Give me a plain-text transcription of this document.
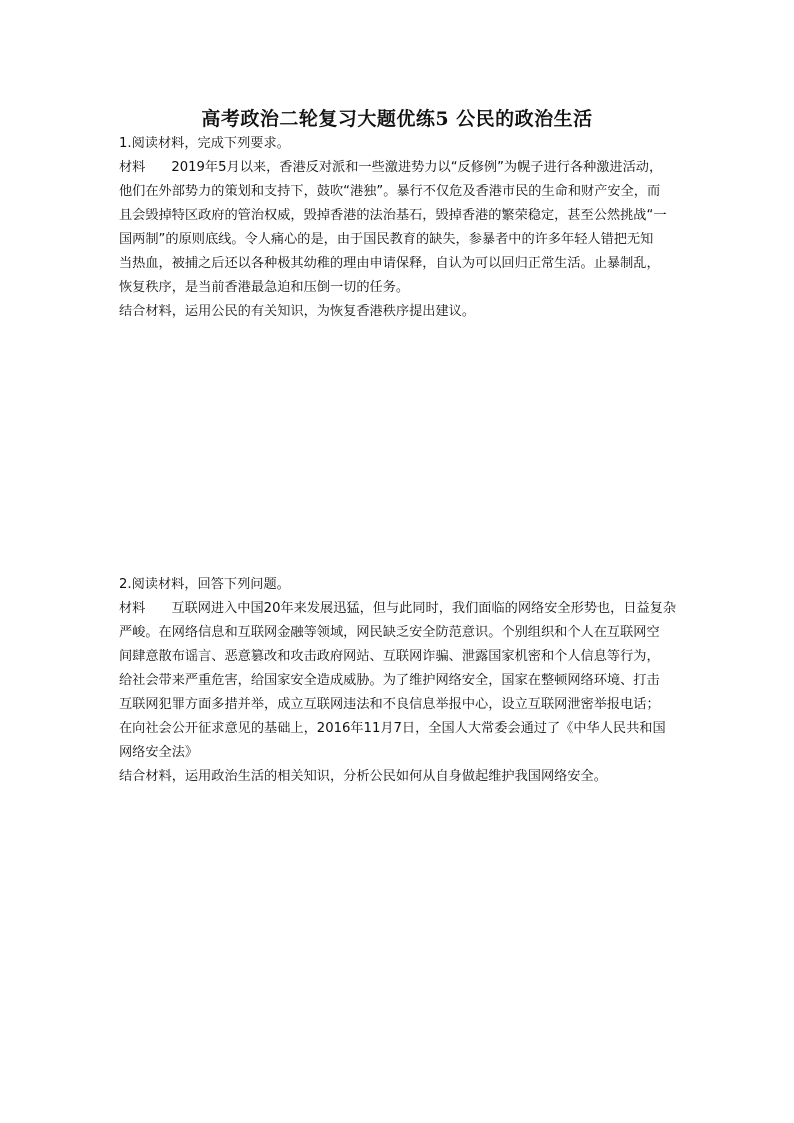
高考政治二轮复习大题优练5 公民的政治生活

1.阅读材料，完成下列要求。

材料 2019年5月以来，香港反对派和一些激进势力以“反修例”为幌子进行各种激进活动，

他们在外部势力的策划和支持下，鼓吹“港独”。暴行不仅危及香港市民的生命和财产安全，而

且会毁掉特区政府的管治权威，毁掉香港的法治基石，毁掉香港的繁荣稳定，甚至公然挑战“一

国两制”的原则底线。令人痛心的是，由于国民教育的缺失，参暴者中的许多年轻人错把无知

当热血，被捕之后还以各种极其幼稚的理由申请保释，自认为可以回归正常生活。止暴制乱，

恢复秩序，是当前香港最急迫和压倒一切的任务。

结合材料，运用公民的有关知识，为恢复香港秩序提出建议。

2.阅读材料，回答下列问题。

材料 互联网进入中国20年来发展迅猛，但与此同时，我们面临的网络安全形势也，日益复杂

严峻。在网络信息和互联网金融等领域，网民缺乏安全防范意识。个别组织和个人在互联网空

间肆意散布谣言、恶意篡改和攻击政府网站、互联网诈骗、泄露国家机密和个人信息等行为，

给社会带来严重危害，给国家安全造成威胁。为了维护网络安全，国家在整顿网络环境、打击

互联网犯罪方面多措并举，成立互联网违法和不良信息举报中心，设立互联网泄密举报电话；

在向社会公开征求意见的基础上，2016年11月7日，全国人大常委会通过了《中华人民共和国

网络安全法》

结合材料，运用政治生活的相关知识，分析公民如何从自身做起维护我国网络安全。
